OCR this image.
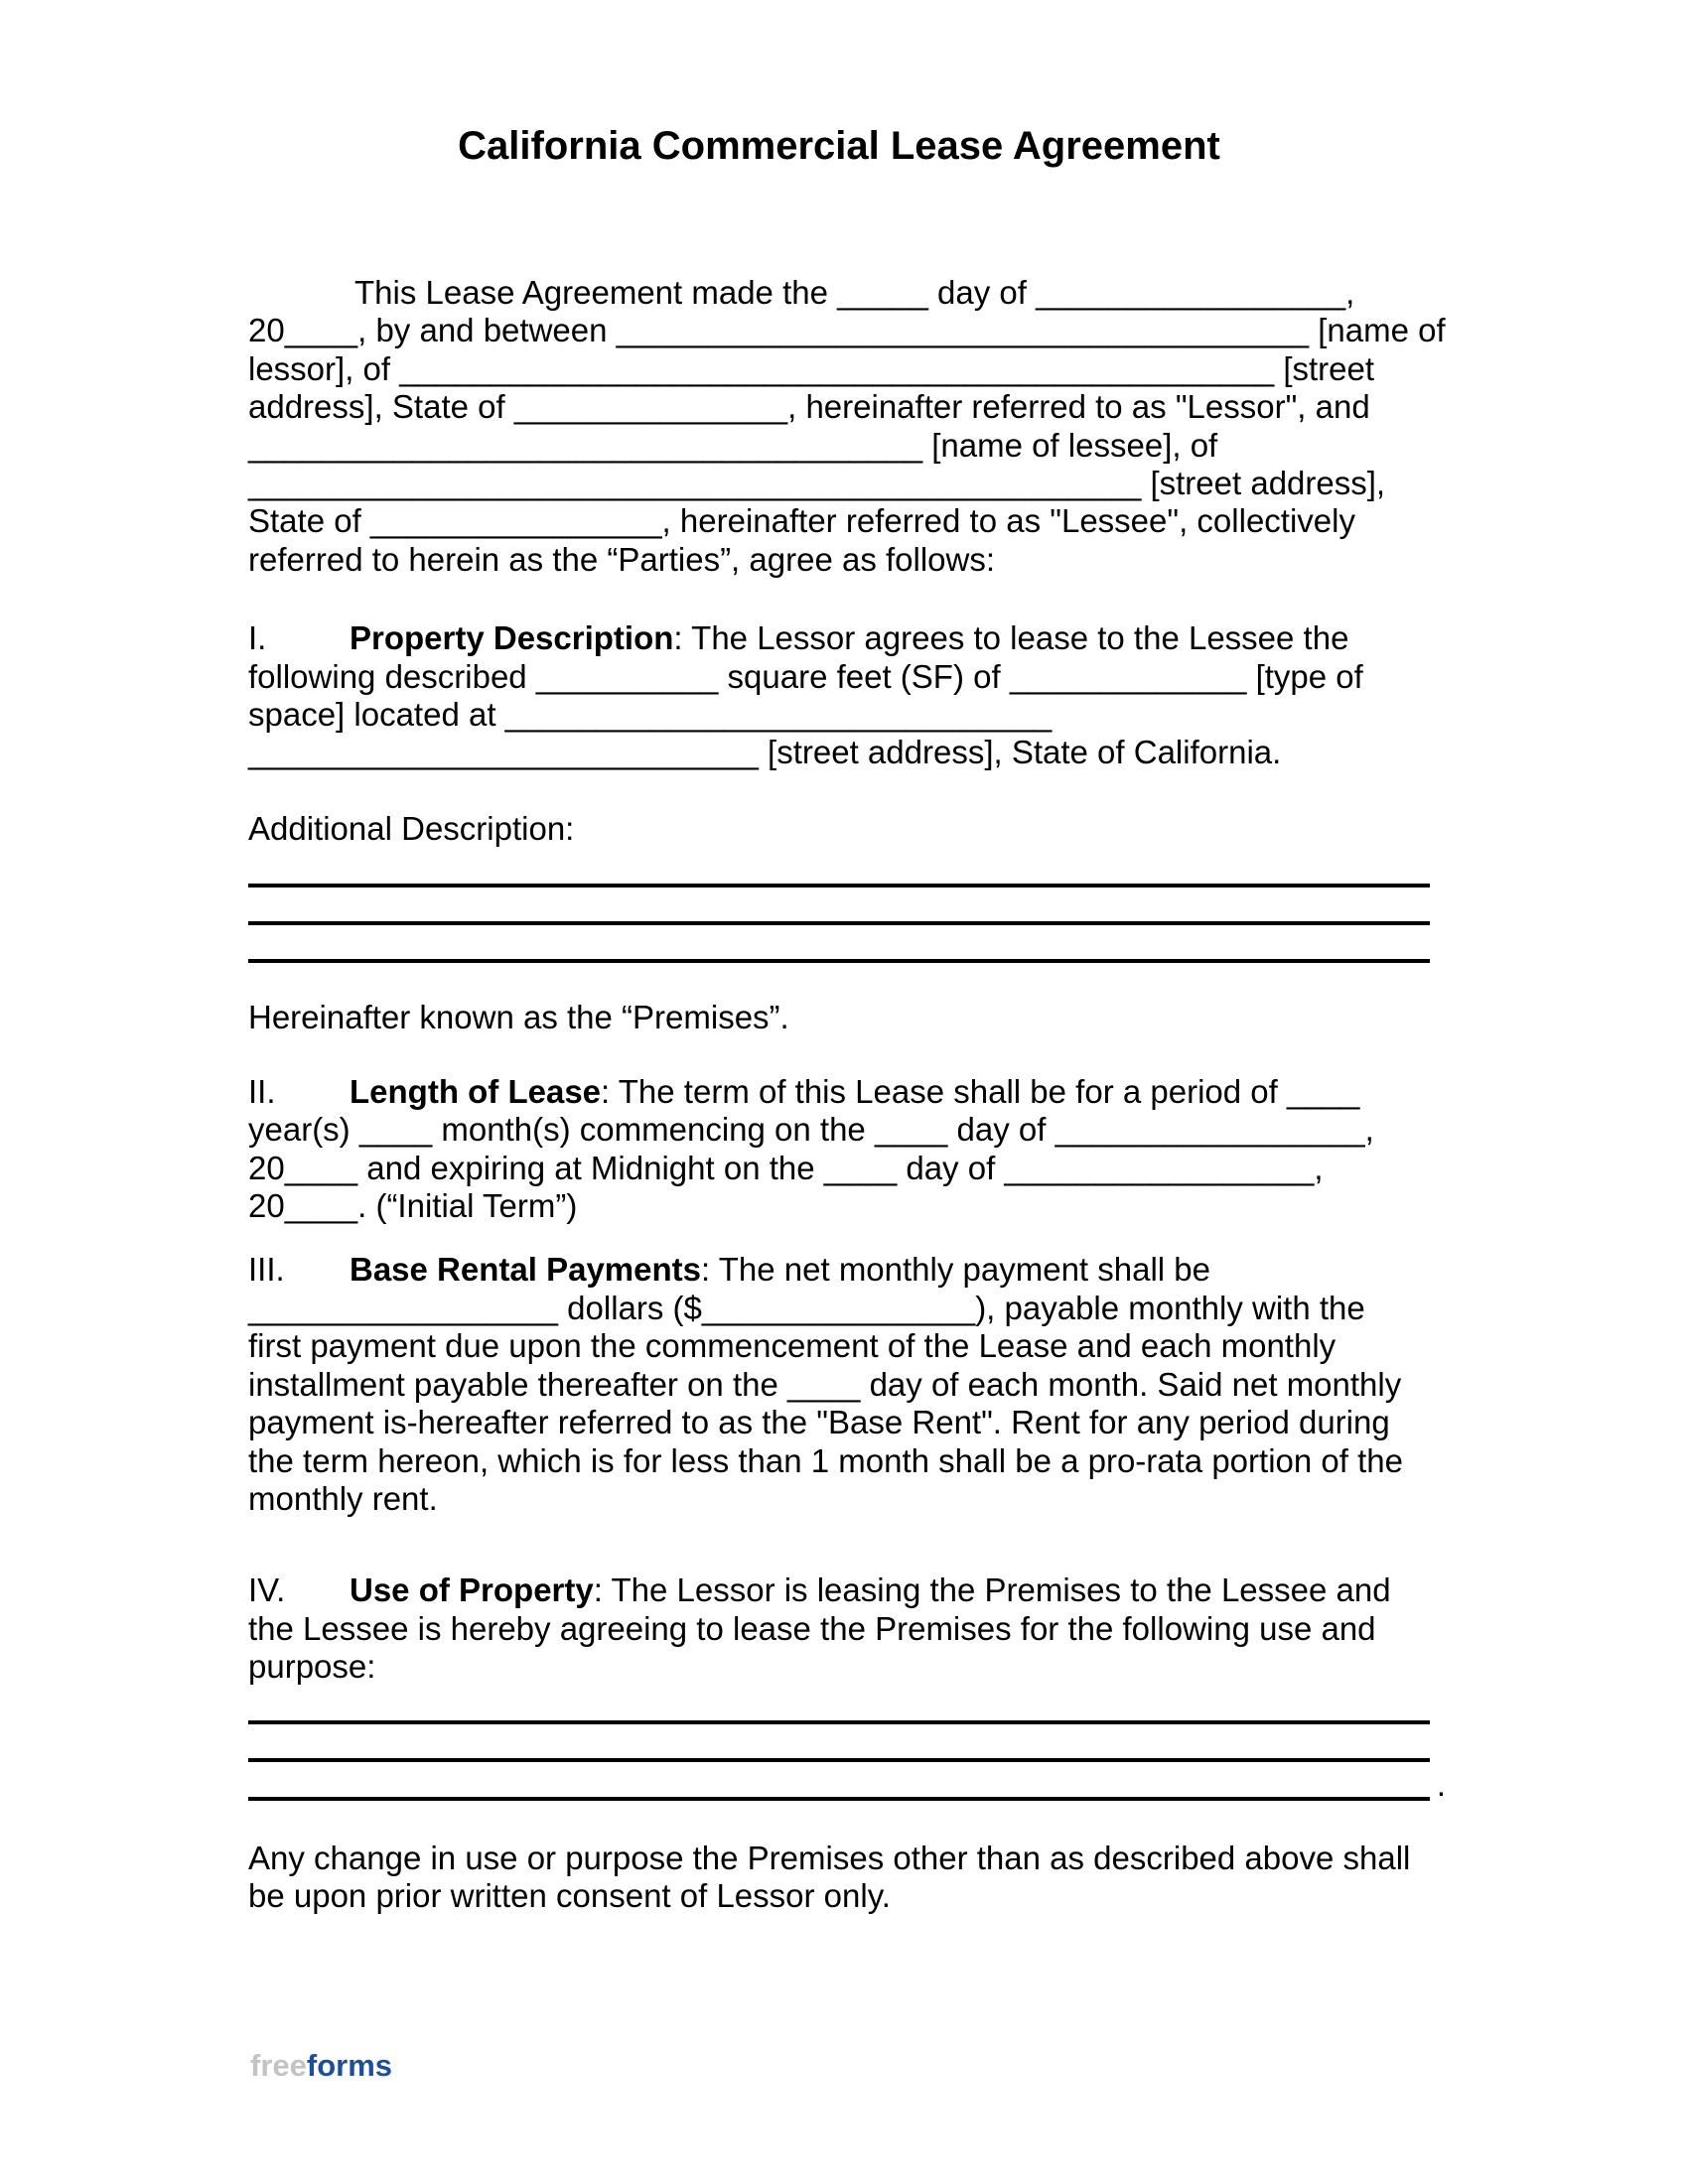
California Commercial Lease Agreement
This Lease Agreement made the _____ day of _________________,
20____, by and between ______________________________________ [name of
lessor], of ________________________________________________ [street
address], State of _______________, hereinafter referred to as "Lessor", and
_____________________________________ [name of lessee], of
_________________________________________________ [street address],
State of ________________, hereinafter referred to as "Lessee", collectively
referred to herein as the “Parties”, agree as follows:
I.	Property Description: The Lessor agrees to lease to the Lessee the
following described __________ square feet (SF) of _____________ [type of
space] located at ______________________________
____________________________ [street address], State of California.
Additional Description:
Hereinafter known as the “Premises”.
II. Length of Lease: The term of this Lease shall be for a period of ____
year(s) ____ month(s) commencing on the ____ day of _________________,
20____ and expiring at Midnight on the ____ day of _________________,
20____. (“Initial Term”)
III. Base Rental Payments: The net monthly payment shall be
_________________ dollars ($_______________), payable monthly with the
first payment due upon the commencement of the Lease and each monthly
installment payable thereafter on the ____ day of each month. Said net monthly
payment is-hereafter referred to as the "Base Rent". Rent for any period during
the term hereon, which is for less than 1 month shall be a pro-rata portion of the
monthly rent.
IV. Use of Property: The Lessor is leasing the Premises to the Lessee and
the Lessee is hereby agreeing to lease the Premises for the following use and
purpose:
.
Any change in use or purpose the Premises other than as described above shall
be upon prior written consent of Lessor only.
freeforms
